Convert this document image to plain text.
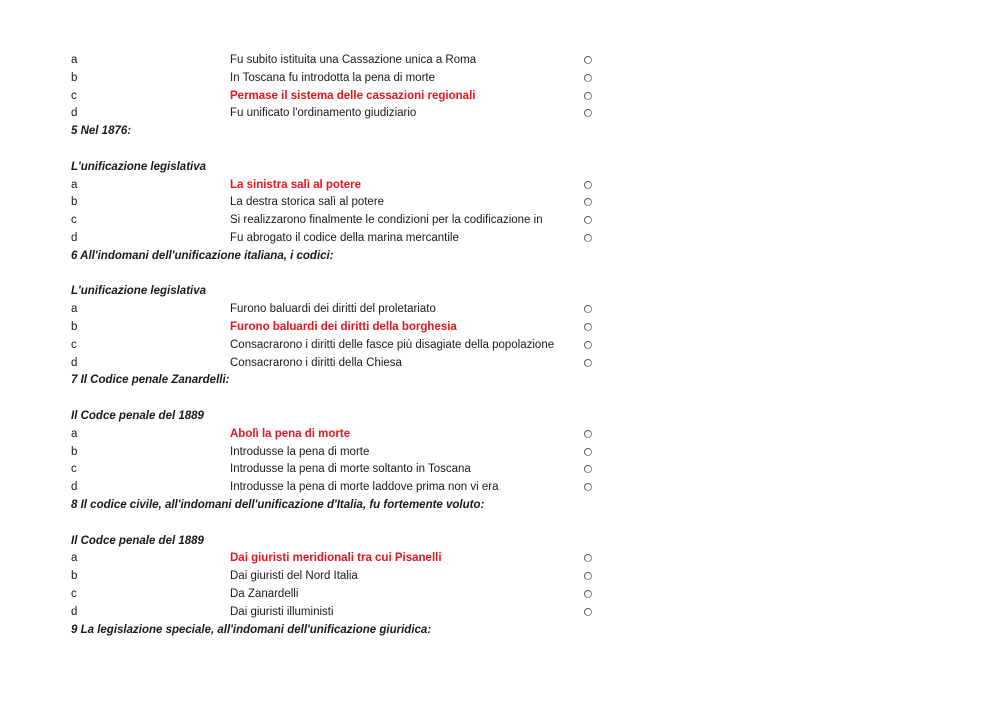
a	Fu subito istituita una Cassazione unica a Roma
b	In Toscana fu introdotta la pena di morte
c	Permase il sistema delle cassazioni regionali
d	Fu unificato l'ordinamento giudiziario
5 Nel 1876:
L'unificazione legislativa
a	La sinistra salì al potere
b	La destra storica salì al potere
c	Si realizzarono finalmente le condizioni per la codificazione in
d	Fu abrogato il codice della marina mercantile
6 All'indomani dell'unificazione italiana, i codici:
L'unificazione legislativa
a	Furono baluardi dei diritti del proletariato
b	Furono baluardi dei diritti della borghesia
c	Consacrarono i diritti delle fasce più disagiate della popolazione
d	Consacrarono i diritti della Chiesa
7 Il Codice penale Zanardelli:
Il Codce penale del 1889
a	Abolì la pena di morte
b	Introdusse la pena di morte
c	Introdusse la pena di morte soltanto in Toscana
d	Introdusse la pena di morte laddove prima non vi era
8 Il codice civile, all'indomani dell'unificazione d'Italia, fu fortemente voluto:
Il Codce penale del 1889
a	Dai giuristi meridionali tra cui Pisanelli
b	Dai giuristi del Nord Italia
c	Da Zanardelli
d	Dai giuristi illuministi
9 La legislazione speciale, all'indomani dell'unificazione giuridica:
